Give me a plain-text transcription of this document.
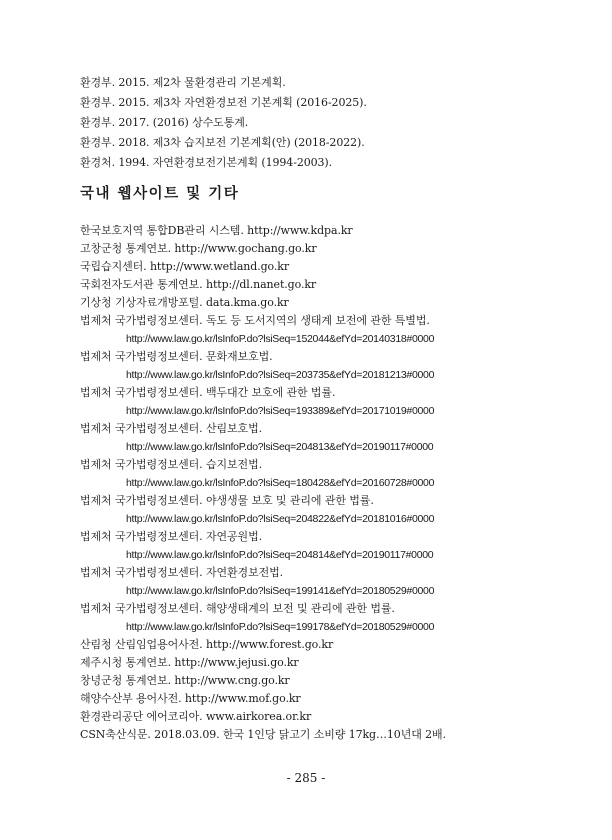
환경부. 2015. 제2차 물환경관리 기본계획.
환경부. 2015. 제3차 자연환경보전 기본계획 (2016-2025).
환경부. 2017. (2016) 상수도통계.
환경부. 2018. 제3차 습지보전 기본계획(안) (2018-2022).
환경처. 1994. 자연환경보전기본계획 (1994-2003).
국내 웹사이트 및 기타
한국보호지역 통합DB관리 시스템. http://www.kdpa.kr
고창군청 통계연보. http://www.gochang.go.kr
국립습지센터. http://www.wetland.go.kr
국회전자도서관 통계연보. http://dl.nanet.go.kr
기상청 기상자료개방포털. data.kma.go.kr
법제처 국가법령정보센터. 독도 등 도서지역의 생태계 보전에 관한 특별법.
http://www.law.go.kr/lsInfoP.do?lsiSeq=152044&efYd=20140318#0000
법제처 국가법령정보센터. 문화재보호법.
http://www.law.go.kr/lsInfoP.do?lsiSeq=203735&efYd=20181213#0000
법제처 국가법령정보센터. 백두대간 보호에 관한 법률.
http://www.law.go.kr/lsInfoP.do?lsiSeq=193389&efYd=20171019#0000
법제처 국가법령정보센터. 산림보호법.
http://www.law.go.kr/lsInfoP.do?lsiSeq=204813&efYd=20190117#0000
법제처 국가법령정보센터. 습지보전법.
http://www.law.go.kr/lsInfoP.do?lsiSeq=180428&efYd=20160728#0000
법제처 국가법령정보센터. 야생생물 보호 및 관리에 관한 법률.
http://www.law.go.kr/lsInfoP.do?lsiSeq=204822&efYd=20181016#0000
법제처 국가법령정보센터. 자연공원법.
http://www.law.go.kr/lsInfoP.do?lsiSeq=204814&efYd=20190117#0000
법제처 국가법령정보센터. 자연환경보전법.
http://www.law.go.kr/lsInfoP.do?lsiSeq=199141&efYd=20180529#0000
법제처 국가법령정보센터. 해양생태계의 보전 및 관리에 관한 법률.
http://www.law.go.kr/lsInfoP.do?lsiSeq=199178&efYd=20180529#0000
산림청 산림임업용어사전. http://www.forest.go.kr
제주시청 통계연보. http://www.jejusi.go.kr
창녕군청 통계연보. http://www.cng.go.kr
해양수산부 용어사전. http://www.mof.go.kr
환경관리공단 에어코리아. www.airkorea.or.kr
CSN축산식문. 2018.03.09. 한국 1인당 닭고기 소비량 17kg…10년대 2배.
- 285 -
